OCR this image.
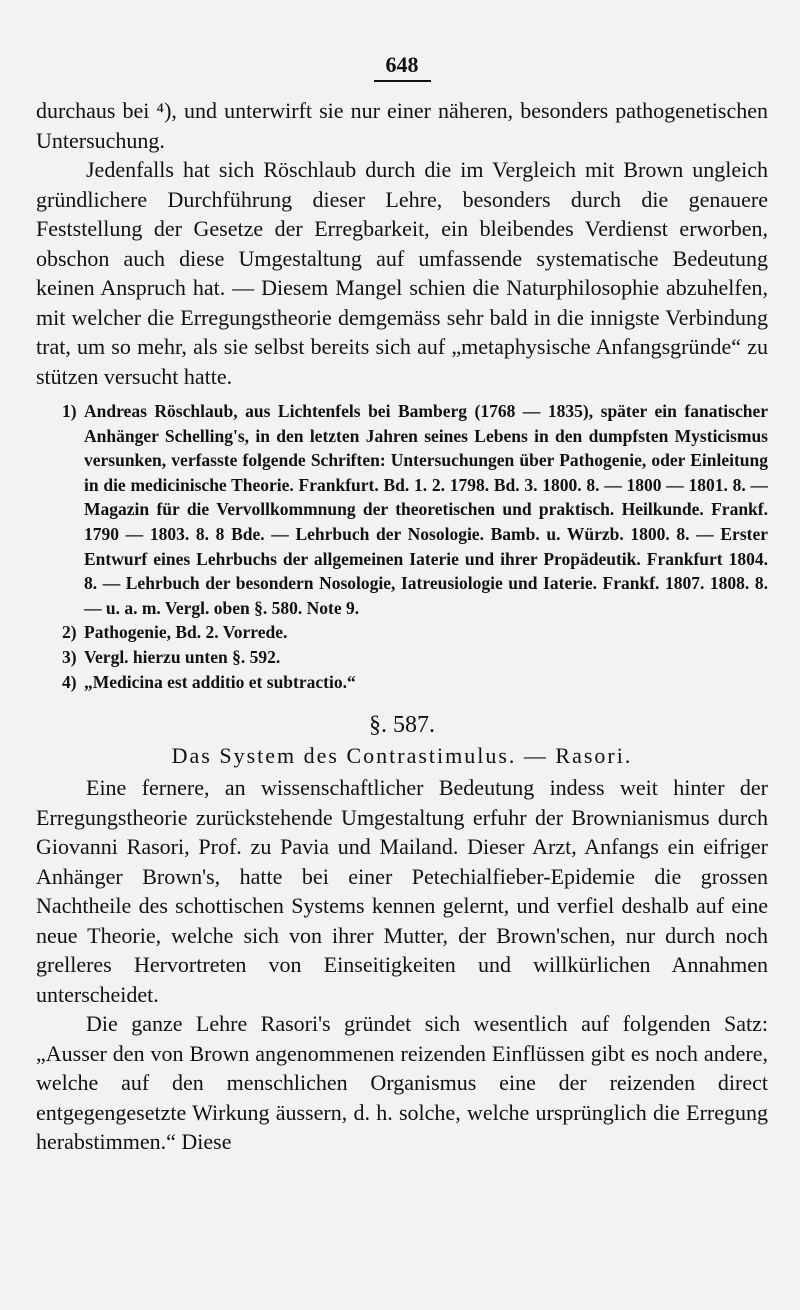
648

durchaus bei ⁴), und unterwirft sie nur einer näheren, besonders pathogenetischen Untersuchung.

Jedenfalls hat sich Röschlaub durch die im Vergleich mit Brown ungleich gründlichere Durchführung dieser Lehre, besonders durch die genauere Feststellung der Gesetze der Erregbarkeit, ein bleibendes Verdienst erworben, obschon auch diese Umgestaltung auf umfassende systematische Bedeutung keinen Anspruch hat. — Diesem Mangel schien die Naturphilosophie abzuhelfen, mit welcher die Erregungstheorie demgemäss sehr bald in die innigste Verbindung trat, um so mehr, als sie selbst bereits sich auf „metaphysische Anfangsgründe“ zu stützen versucht hatte.

1) Andreas Röschlaub, aus Lichtenfels bei Bamberg (1768 — 1835), später ein fanatischer Anhänger Schelling's, in den letzten Jahren seines Lebens in den dumpfsten Mysticismus versunken, verfasste folgende Schriften: Untersuchungen über Pathogenie, oder Einleitung in die medicinische Theorie. Frankfurt. Bd. 1. 2. 1798. Bd. 3. 1800. 8. — 1800 — 1801. 8. — Magazin für die Vervollkommnung der theoretischen und praktisch. Heilkunde. Frankf. 1790 — 1803. 8. 8 Bde. — Lehrbuch der Nosologie. Bamb. u. Würzb. 1800. 8. — Erster Entwurf eines Lehrbuchs der allgemeinen Iaterie und ihrer Propädeutik. Frankfurt 1804. 8. — Lehrbuch der besondern Nosologie, Iatreusiologie und Iaterie. Frankf. 1807. 1808. 8. — u. a. m. Vergl. oben §. 580. Note 9.
2) Pathogenie, Bd. 2. Vorrede.
3) Vergl. hierzu unten §. 592.
4) „Medicina est additio et subtractio.“
§. 587.
Das System des Contrastimulus. — Rasori.

Eine fernere, an wissenschaftlicher Bedeutung indess weit hinter der Erregungstheorie zurückstehende Umgestaltung erfuhr der Brownianismus durch Giovanni Rasori, Prof. zu Pavia und Mailand. Dieser Arzt, Anfangs ein eifriger Anhänger Brown's, hatte bei einer Petechialfieber-Epidemie die grossen Nachtheile des schottischen Systems kennen gelernt, und verfiel deshalb auf eine neue Theorie, welche sich von ihrer Mutter, der Brown'schen, nur durch noch grelleres Hervortreten von Einseitigkeiten und willkürlichen Annahmen unterscheidet.

Die ganze Lehre Rasori's gründet sich wesentlich auf folgenden Satz: „Ausser den von Brown angenommenen reizenden Einflüssen gibt es noch andere, welche auf den menschlichen Organismus eine der reizenden direct entgegengesetzte Wirkung äussern, d. h. solche, welche ursprünglich die Erregung herabstimmen.“ Diese
